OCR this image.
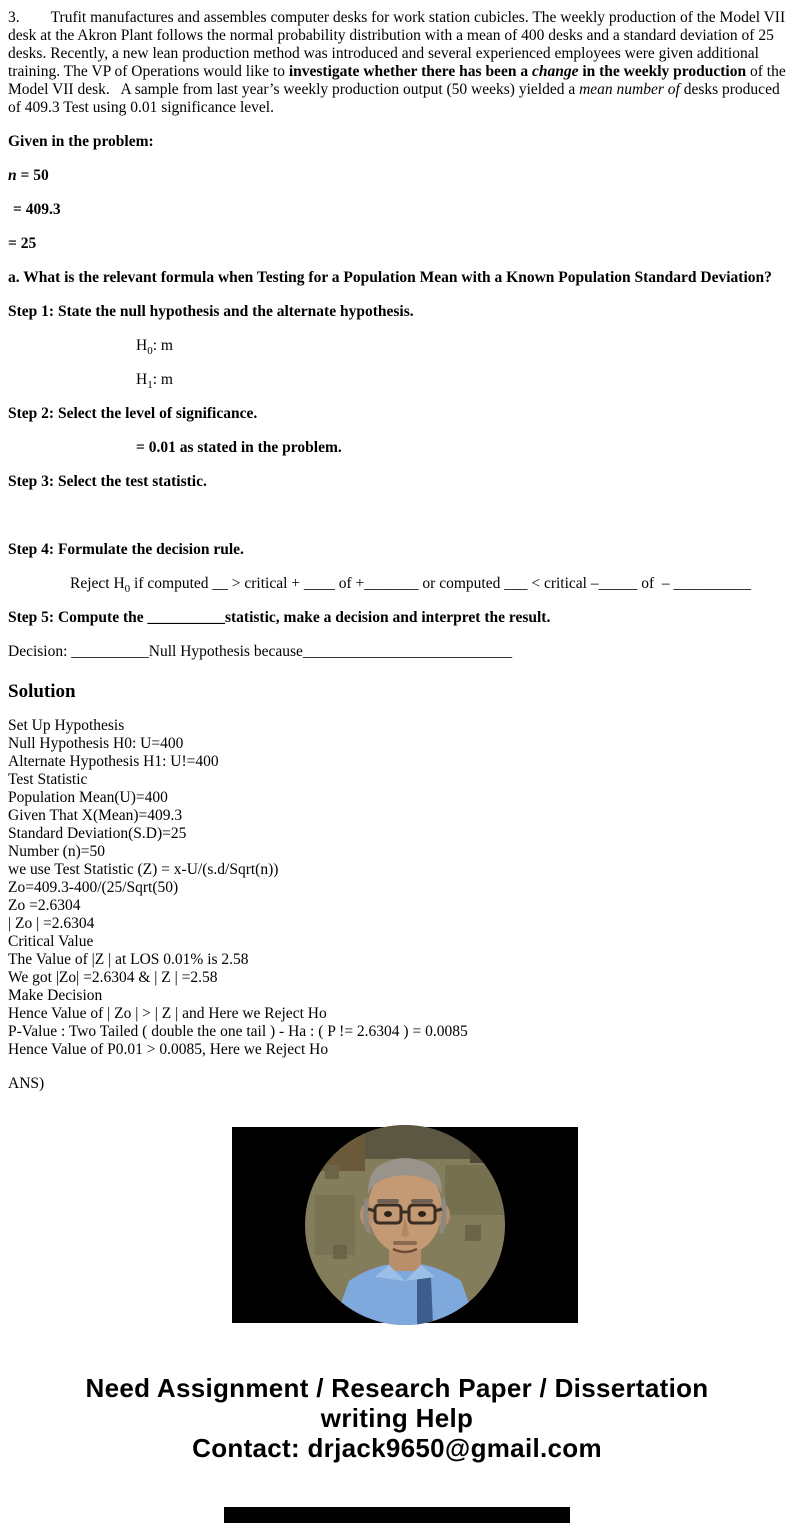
3. Trufit manufactures and assembles computer desks for work station cubicles. The weekly production of the Model VII desk at the Akron Plant follows the normal probability distribution with a mean of 400 desks and a standard deviation of 25 desks. Recently, a new lean production method was introduced and several experienced employees were given additional training. The VP of Operations would like to investigate whether there has been a change in the weekly production of the Model VII desk.   A sample from last year’s weekly production output (50 weeks) yielded a mean number of desks produced of 409.3 Test using 0.01 significance level.

Given in the problem:

n = 50

= 409.3

= 25

a. What is the relevant formula when Testing for a Population Mean with a Known Population Standard Deviation?

Step 1: State the null hypothesis and the alternate hypothesis.

$H_0$: m

$H_1$: m

Step 2: Select the level of significance.

= 0.01 as stated in the problem.

Step 3: Select the test statistic.

Step 4: Formulate the decision rule.

Reject $H_0$ if computed __ > critical + ____ of +_______ or computed ___ < critical –_____ of  – __________

Step 5: Compute the __________statistic, make a decision and interpret the result.

Decision: __________Null Hypothesis because___________________________

Solution

Set Up Hypothesis

Null Hypothesis H0: U=400

Alternate Hypothesis H1: U!=400

Test Statistic

Population Mean(U)=400

Given That X(Mean)=409.3

Standard Deviation(S.D)=25

Number (n)=50

we use Test Statistic (Z) = x-U/(s.d/Sqrt(n))

Zo=409.3-400/(25/Sqrt(50)

Zo =2.6304

| Zo | =2.6304

Critical Value

The Value of |Z | at LOS 0.01% is 2.58

We got |Zo| =2.6304 & | Z | =2.58

Make Decision

Hence Value of | Zo | > | Z | and Here we Reject Ho

P-Value : Two Tailed ( double the one tail ) - Ha : ( P != 2.6304 ) = 0.0085

Hence Value of P0.01 > 0.0085, Here we Reject Ho

ANS)

Need Assignment / Research Paper / Dissertation
writing Help
Contact: drjack9650@gmail.com
